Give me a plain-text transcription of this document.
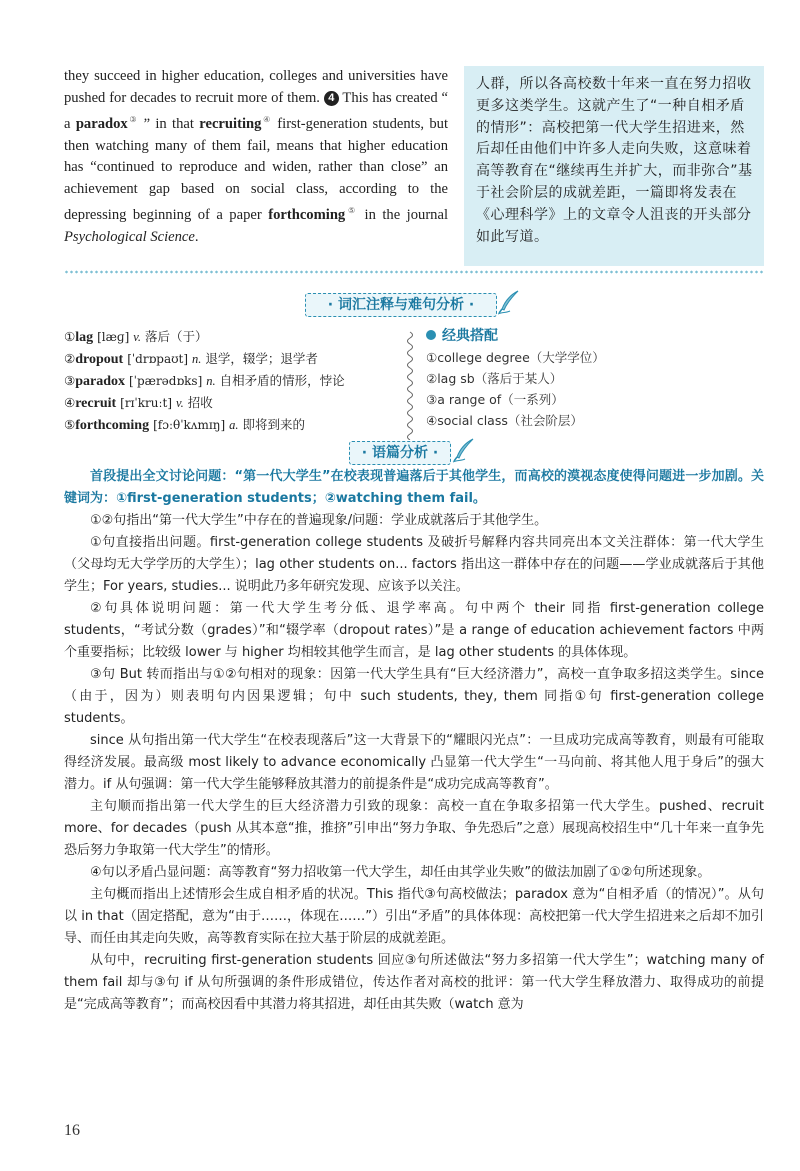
they succeed in higher education, colleges and universities have pushed for decades to recruit more of them. 4 This has created “ a paradox③ ” in that recruiting④ first-generation students, but then watching many of them fail, means that higher education has “continued to reproduce and widen, rather than close” an achievement gap based on social class, according to the depressing beginning of a paper forthcoming⑤ in the journal Psychological Science.
人群，所以各高校数十年来一直在努力招收更多这类学生。这就产生了“一种自相矛盾的情形”：高校把第一代大学生招进来，然后却任由他们中许多人走向失败，这意味着高等教育在“继续再生并扩大，而非弥合”基于社会阶层的成就差距，一篇即将发表在《心理科学》上的文章令人沮丧的开头部分如此写道。
· 词汇注释与难句分析 ·
①lag [læɡ] v. 落后（于）
②dropout [ˈdrɒpaʊt] n. 退学，辍学；退学者
③paradox [ˈpærədɒks] n. 自相矛盾的情形，悖论
④recruit [rɪˈkruːt] v. 招收
⑤forthcoming [fɔːθˈkʌmɪŋ] a. 即将到来的
经典搭配
①college degree（大学学位）
②lag sb（落后于某人）
③a range of（一系列）
④social class（社会阶层）
· 语篇分析 ·

首段提出全文讨论问题：“第一代大学生”在校表现普遍落后于其他学生，而高校的漠视态度使得问题进一步加剧。关键词为：①first-generation students；②watching them fail。

①②句指出“第一代大学生”中存在的普遍现象/问题：学业成就落后于其他学生。

①句直接指出问题。first-generation college students 及破折号解释内容共同亮出本文关注群体：第一代大学生（父母均无大学学历的大学生）；lag other students on... factors 指出这一群体中存在的问题——学业成就落后于其他学生；For years, studies... 说明此乃多年研究发现、应该予以关注。

②句具体说明问题：第一代大学生考分低、退学率高。句中两个 their 同指 first-generation college students，“考试分数（grades）”和“辍学率（dropout rates）”是 a range of education achievement factors 中两个重要指标；比较级 lower 与 higher 均相较其他学生而言，是 lag other students 的具体体现。

③句 But 转而指出与①②句相对的现象：因第一代大学生具有“巨大经济潜力”，高校一直争取多招这类学生。since（由于，因为）则表明句内因果逻辑；句中 such students, they, them 同指①句 first-generation college students。

since 从句指出第一代大学生“在校表现落后”这一大背景下的“耀眼闪光点”：一旦成功完成高等教育，则最有可能取得经济发展。最高级 most likely to advance economically 凸显第一代大学生“一马向前、将其他人甩于身后”的强大潜力。if 从句强调：第一代大学生能够释放其潜力的前提条件是“成功完成高等教育”。

主句顺而指出第一代大学生的巨大经济潜力引致的现象：高校一直在争取多招第一代大学生。pushed、recruit more、for decades（push 从其本意“推，推挤”引申出“努力争取、争先恐后”之意）展现高校招生中“几十年来一直争先恐后努力争取第一代大学生”的情形。

④句以矛盾凸显问题：高等教育“努力招收第一代大学生，却任由其学业失败”的做法加剧了①②句所述现象。

主句概而指出上述情形会生成自相矛盾的状况。This 指代③句高校做法；paradox 意为“自相矛盾（的情况）”。从句以 in that（固定搭配，意为“由于……，体现在……”）引出“矛盾”的具体体现：高校把第一代大学生招进来之后却不加引导、而任由其走向失败，高等教育实际在拉大基于阶层的成就差距。

从句中，recruiting first-generation students 回应③句所述做法“努力多招第一代大学生”；watching many of them fail 却与③句 if 从句所强调的条件形成错位，传达作者对高校的批评：第一代大学生释放潜力、取得成功的前提是“完成高等教育”；而高校因看中其潜力将其招进，却任由其失败（watch 意为

16
